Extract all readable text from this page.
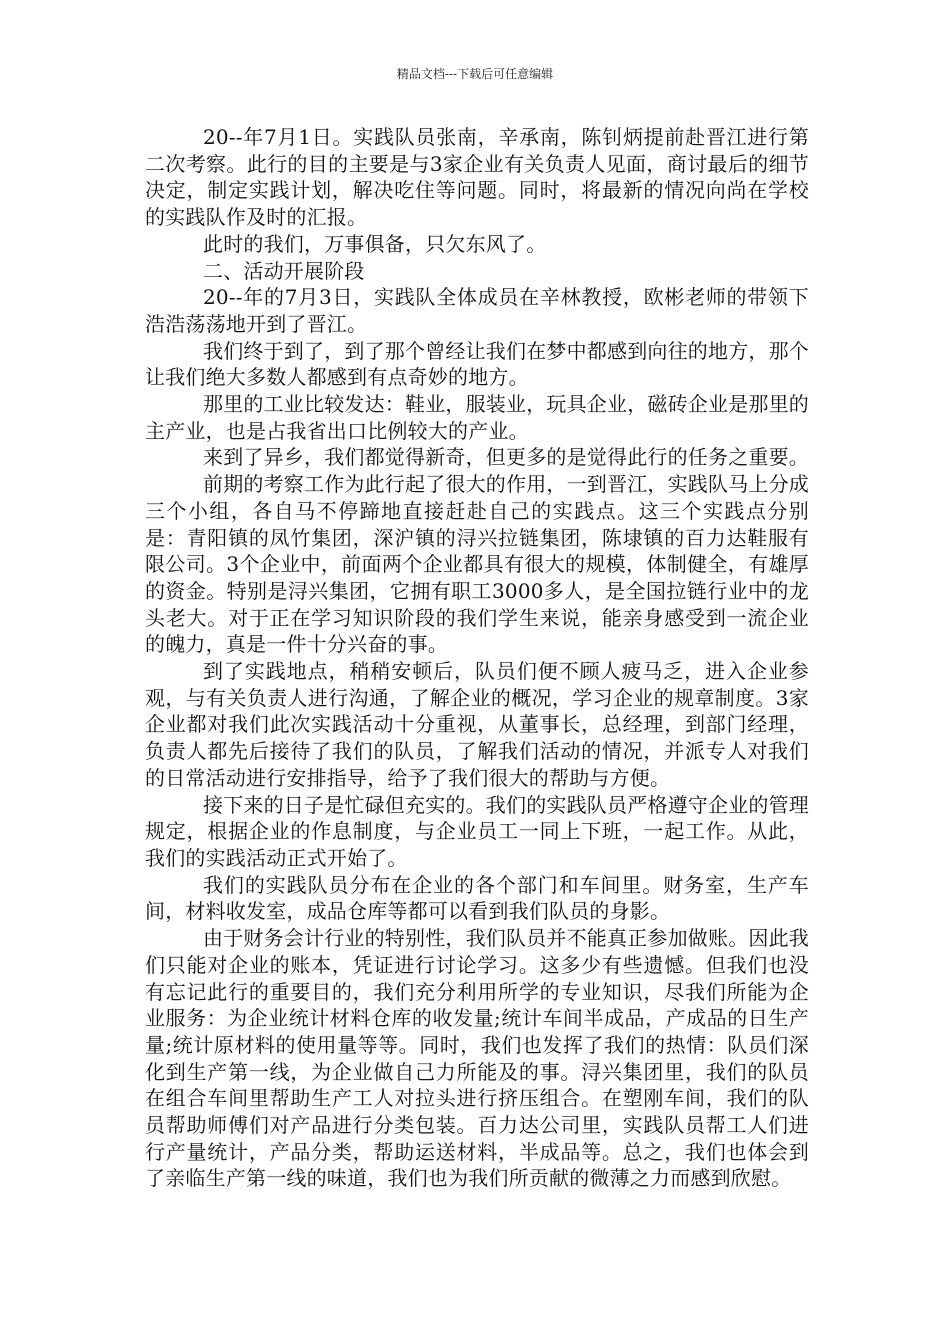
精品文档---下载后可任意编辑

20--年7月1日。实践队员张南，辛承南，陈钊炳提前赴晋江进行第二次考察。此行的目的主要是与3家企业有关负责人见面，商讨最后的细节决定，制定实践计划，解决吃住等问题。同时，将最新的情况向尚在学校的实践队作及时的汇报。

此时的我们，万事俱备，只欠东风了。

二、活动开展阶段

20--年的7月3日，实践队全体成员在辛林教授，欧彬老师的带领下浩浩荡荡地开到了晋江。

我们终于到了，到了那个曾经让我们在梦中都感到向往的地方，那个让我们绝大多数人都感到有点奇妙的地方。

那里的工业比较发达：鞋业，服装业，玩具企业，磁砖企业是那里的主产业，也是占我省出口比例较大的产业。

来到了异乡，我们都觉得新奇，但更多的是觉得此行的任务之重要。

前期的考察工作为此行起了很大的作用，一到晋江，实践队马上分成三个小组，各自马不停蹄地直接赶赴自己的实践点。这三个实践点分别是：青阳镇的凤竹集团，深沪镇的浔兴拉链集团，陈埭镇的百力达鞋服有限公司。3个企业中，前面两个企业都具有很大的规模，体制健全，有雄厚的资金。特别是浔兴集团，它拥有职工3000多人，是全国拉链行业中的龙头老大。对于正在学习知识阶段的我们学生来说，能亲身感受到一流企业的魄力，真是一件十分兴奋的事。

到了实践地点，稍稍安顿后，队员们便不顾人疲马乏，进入企业参观，与有关负责人进行沟通，了解企业的概况，学习企业的规章制度。3家企业都对我们此次实践活动十分重视，从董事长，总经理，到部门经理，负责人都先后接待了我们的队员，了解我们活动的情况，并派专人对我们的日常活动进行安排指导，给予了我们很大的帮助与方便。

接下来的日子是忙碌但充实的。我们的实践队员严格遵守企业的管理规定，根据企业的作息制度，与企业员工一同上下班，一起工作。从此，我们的实践活动正式开始了。

我们的实践队员分布在企业的各个部门和车间里。财务室，生产车间，材料收发室，成品仓库等都可以看到我们队员的身影。

由于财务会计行业的特别性，我们队员并不能真正参加做账。因此我们只能对企业的账本，凭证进行讨论学习。这多少有些遗憾。但我们也没有忘记此行的重要目的，我们充分利用所学的专业知识，尽我们所能为企业服务：为企业统计材料仓库的收发量;统计车间半成品，产成品的日生产量;统计原材料的使用量等等。同时，我们也发挥了我们的热情：队员们深化到生产第一线，为企业做自己力所能及的事。浔兴集团里，我们的队员在组合车间里帮助生产工人对拉头进行挤压组合。在塑刚车间，我们的队员帮助师傅们对产品进行分类包装。百力达公司里，实践队员帮工人们进行产量统计，产品分类，帮助运送材料，半成品等。总之，我们也体会到了亲临生产第一线的味道，我们也为我们所贡献的微薄之力而感到欣慰。
